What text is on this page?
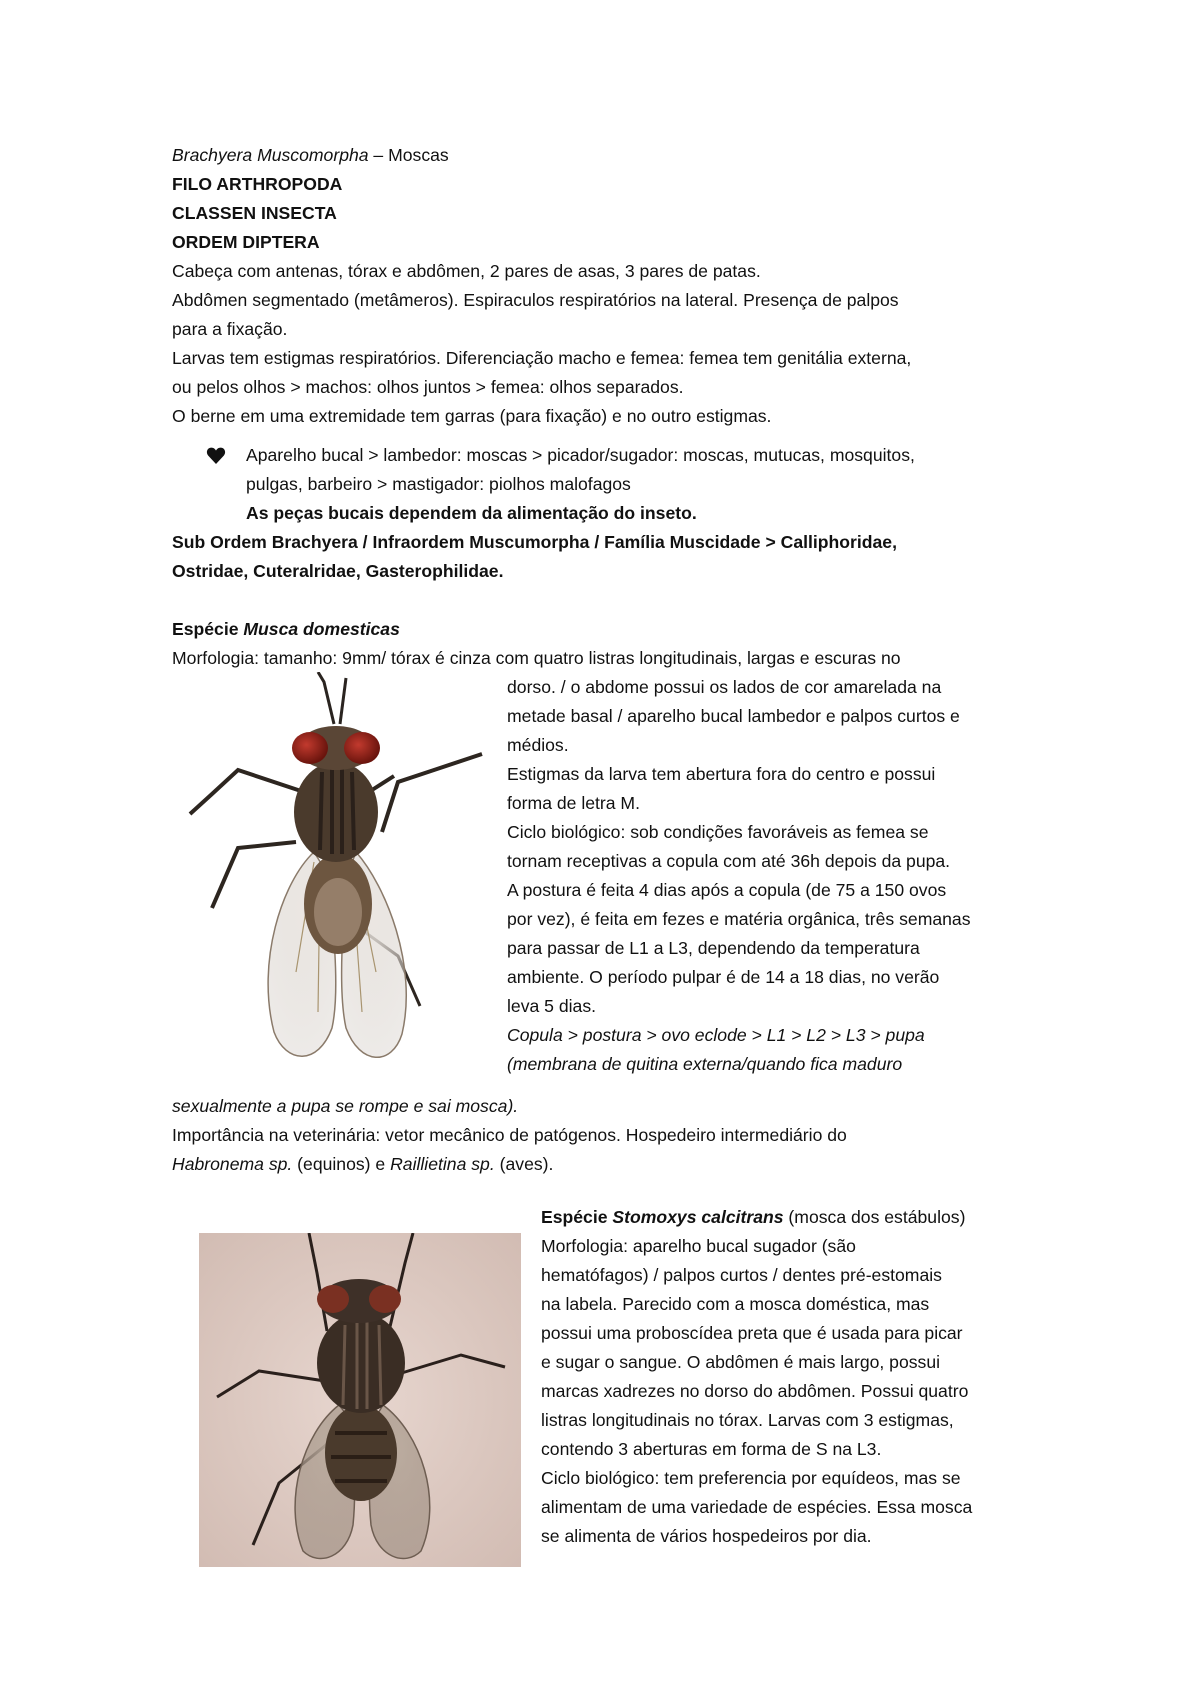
Brachyera Muscomorpha – Moscas
FILO ARTHROPODA
CLASSEN INSECTA
ORDEM DIPTERA
Cabeça com antenas, tórax e abdômen, 2 pares de asas, 3 pares de patas.
Abdômen segmentado (metâmeros). Espiraculos respiratórios na lateral. Presença de palpos
para a fixação.
Larvas tem estigmas respiratórios. Diferenciação macho e femea: femea tem genitália externa,
ou pelos olhos > machos: olhos juntos > femea: olhos separados.
O berne em uma extremidade tem garras (para fixação) e no outro estigmas.
Aparelho bucal > lambedor: moscas > picador/sugador: moscas, mutucas, mosquitos,
pulgas, barbeiro > mastigador: piolhos malofagos
As peças bucais dependem da alimentação do inseto.
Sub Ordem Brachyera / Infraordem Muscumorpha / Família Muscidade > Calliphoridae,
Ostridae, Cuteralridae, Gasterophilidae.
Espécie Musca domesticas
Morfologia: tamanho: 9mm/ tórax é cinza com quatro listras longitudinais, largas e escuras no
dorso. / o abdome possui os lados de cor amarelada na
metade basal / aparelho bucal lambedor e palpos curtos e
médios.
Estigmas da larva tem abertura fora do centro e possui
forma de letra M.
Ciclo biológico: sob condições favoráveis as femea se
tornam receptivas a copula com até 36h depois da pupa.
A postura é feita 4 dias após a copula (de 75 a 150 ovos
por vez), é feita em fezes e matéria orgânica, três semanas
para passar de L1 a L3, dependendo da temperatura
ambiente. O período pulpar é de 14 a 18 dias, no verão
leva 5 dias.
Copula > postura > ovo eclode > L1 > L2 > L3 > pupa
(membrana de quitina externa/quando fica maduro
sexualmente a pupa se rompe e sai mosca).
Importância na veterinária: vetor mecânico de patógenos. Hospedeiro intermediário do
Habronema sp. (equinos) e Raillietina sp. (aves).
Espécie Stomoxys calcitrans (mosca dos estábulos)
Morfologia: aparelho bucal sugador (são
hematófagos) / palpos curtos / dentes pré-estomais
na labela. Parecido com a mosca doméstica, mas
possui uma proboscídea preta que é usada para picar
e sugar o sangue. O abdômen é mais largo, possui
marcas xadrezes no dorso do abdômen. Possui quatro
listras longitudinais no tórax. Larvas com 3 estigmas,
contendo 3 aberturas em forma de S na L3.
Ciclo biológico: tem preferencia por equídeos, mas se
alimentam de uma variedade de espécies. Essa mosca
se alimenta de vários hospedeiros por dia.
